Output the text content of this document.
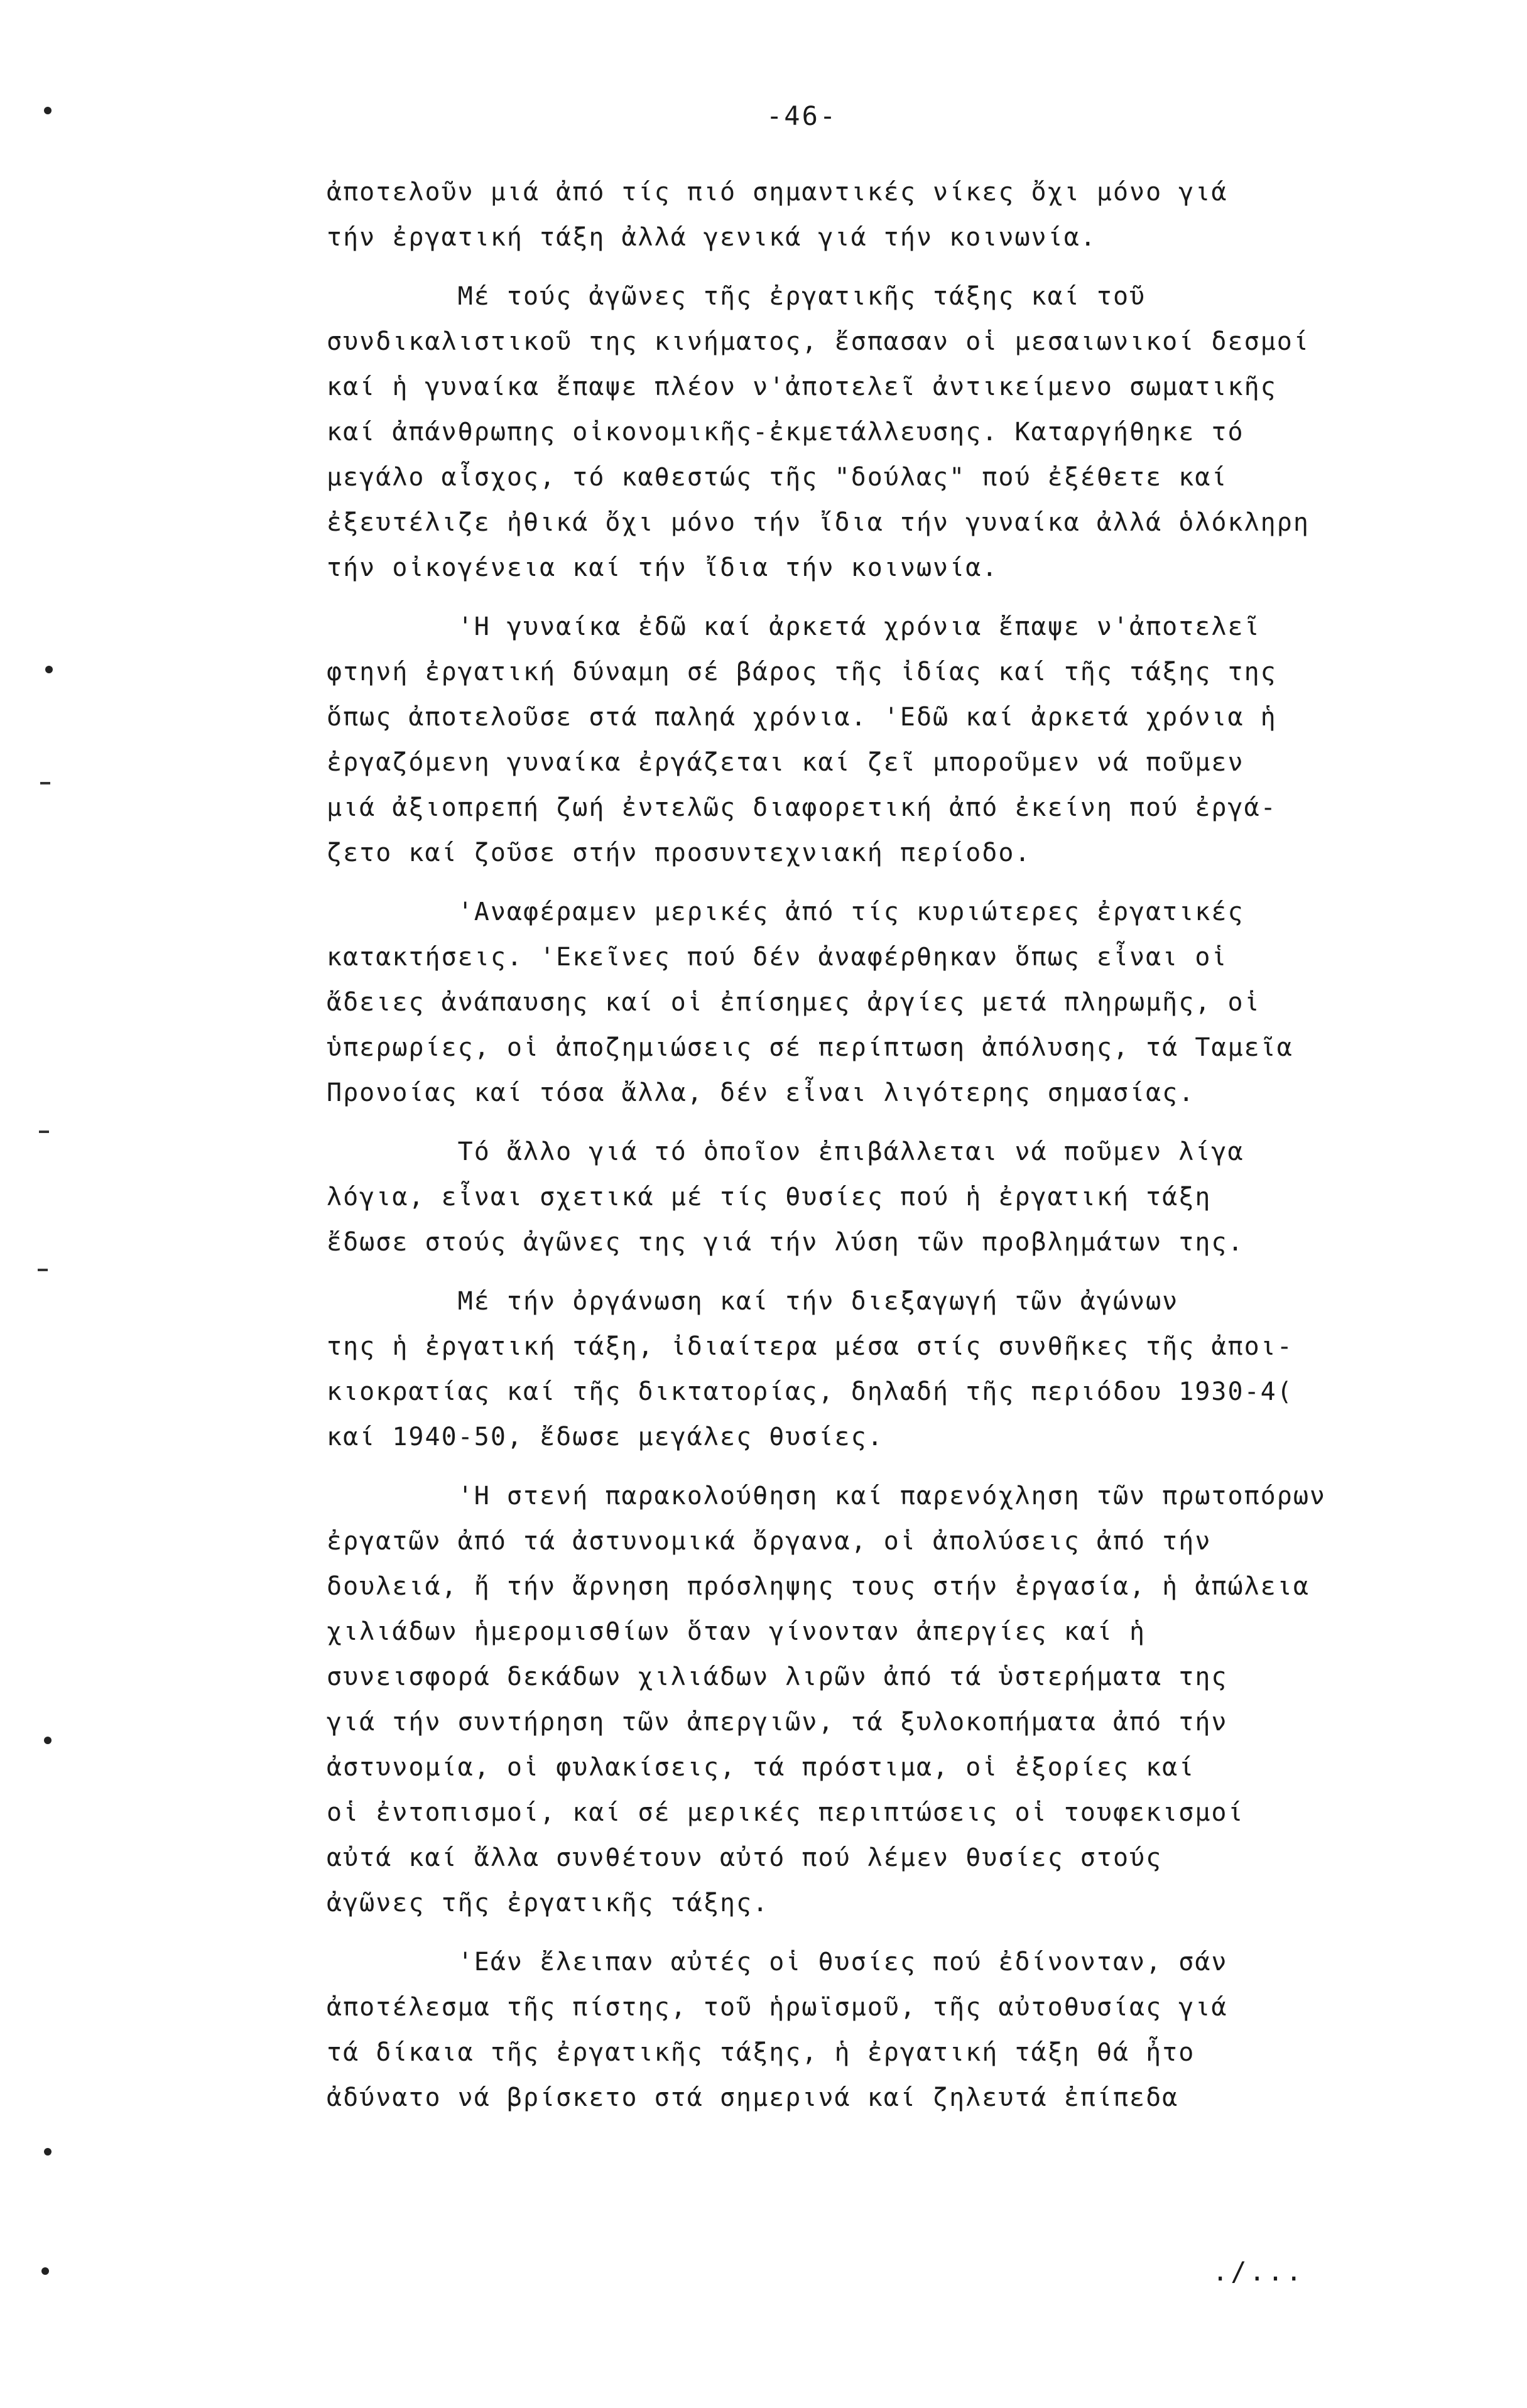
-46-
ἀποτελοῦν μιά ἀπό τίς πιό σημαντικές νίκες ὄχι μόνο γιά
τήν ἐργατική τάξη ἀλλά γενικά γιά τήν κοινωνία.
Μέ τούς ἀγῶνες τῆς ἐργατικῆς τάξης καί τοῦ
συνδικαλιστικοῦ της κινήματος, ἔσπασαν οἱ μεσαιωνικοί δεσμοί
καί ἡ γυναίκα ἔπαψε πλέον ν'ἀποτελεῖ ἀντικείμενο σωματικῆς
καί ἀπάνθρωπης οἰκονομικῆς-ἐκμετάλλευσης. Καταργήθηκε τό
μεγάλο αἶσχος, τό καθεστώς τῆς "δούλας" πού ἐξέθετε καί
ἐξευτέλιζε ἠθικά ὄχι μόνο τήν ἴδια τήν γυναίκα ἀλλά ὁλόκληρη
τήν οἰκογένεια καί τήν ἴδια τήν κοινωνία.
'Η γυναίκα ἐδῶ καί ἀρκετά χρόνια ἔπαψε ν'ἀποτελεῖ
φτηνή ἐργατική δύναμη σέ βάρος τῆς ἰδίας καί τῆς τάξης της
ὅπως ἀποτελοῦσε στά παληά χρόνια. 'Εδῶ καί ἀρκετά χρόνια ἡ
ἐργαζόμενη γυναίκα ἐργάζεται καί ζεῖ μποροῦμεν νά ποῦμεν
μιά ἀξιοπρεπή ζωή ἐντελῶς διαφορετική ἀπό ἐκείνη πού ἐργά-
ζετο καί ζοῦσε στήν προσυντεχνιακή περίοδο.
'Αναφέραμεν μερικές ἀπό τίς κυριώτερες ἐργατικές
κατακτήσεις. 'Εκεῖνες πού δέν ἀναφέρθηκαν ὅπως εἶναι οἱ
ἄδειες ἀνάπαυσης καί οἱ ἐπίσημες ἀργίες μετά πληρωμῆς, οἱ
ὑπερωρίες, οἱ ἀποζημιώσεις σέ περίπτωση ἀπόλυσης, τά Ταμεῖα
Προνοίας καί τόσα ἄλλα, δέν εἶναι λιγότερης σημασίας.
Τό ἄλλο γιά τό ὁποῖον ἐπιβάλλεται νά ποῦμεν λίγα
λόγια, εἶναι σχετικά μέ τίς θυσίες πού ἡ ἐργατική τάξη
ἔδωσε στούς ἀγῶνες της γιά τήν λύση τῶν προβλημάτων της.
Μέ τήν ὀργάνωση καί τήν διεξαγωγή τῶν ἀγώνων
της ἡ ἐργατική τάξη, ἰδιαίτερα μέσα στίς συνθῆκες τῆς ἀποι-
κιοκρατίας καί τῆς δικτατορίας, δηλαδή τῆς περιόδου 1930-4(
καί 1940-50, ἔδωσε μεγάλες θυσίες.
'Η στενή παρακολούθηση καί παρενόχληση τῶν πρωτοπόρων
ἐργατῶν ἀπό τά ἀστυνομικά ὄργανα, οἱ ἀπολύσεις ἀπό τήν
δουλειά, ἤ τήν ἄρνηση πρόσληψης τους στήν ἐργασία, ἡ ἀπώλεια
χιλιάδων ἡμερομισθίων ὅταν γίνονταν ἀπεργίες καί ἡ
συνεισφορά δεκάδων χιλιάδων λιρῶν ἀπό τά ὑστερήματα της
γιά τήν συντήρηση τῶν ἀπεργιῶν, τά ξυλοκοπήματα ἀπό τήν
ἀστυνομία, οἱ φυλακίσεις, τά πρόστιμα, οἱ ἐξορίες καί
οἱ ἐντοπισμοί, καί σέ μερικές περιπτώσεις οἱ τουφεκισμοί
αὐτά καί ἄλλα συνθέτουν αὐτό πού λέμεν θυσίες στούς
ἀγῶνες τῆς ἐργατικῆς τάξης.
'Εάν ἔλειπαν αὐτές οἱ θυσίες πού ἐδίνονταν, σάν
ἀποτέλεσμα τῆς πίστης, τοῦ ἡρωϊσμοῦ, τῆς αὐτοθυσίας γιά
τά δίκαια τῆς ἐργατικῆς τάξης, ἡ ἐργατική τάξη θά ἦτο
ἀδύνατο νά βρίσκετο στά σημερινά καί ζηλευτά ἐπίπεδα
./...
